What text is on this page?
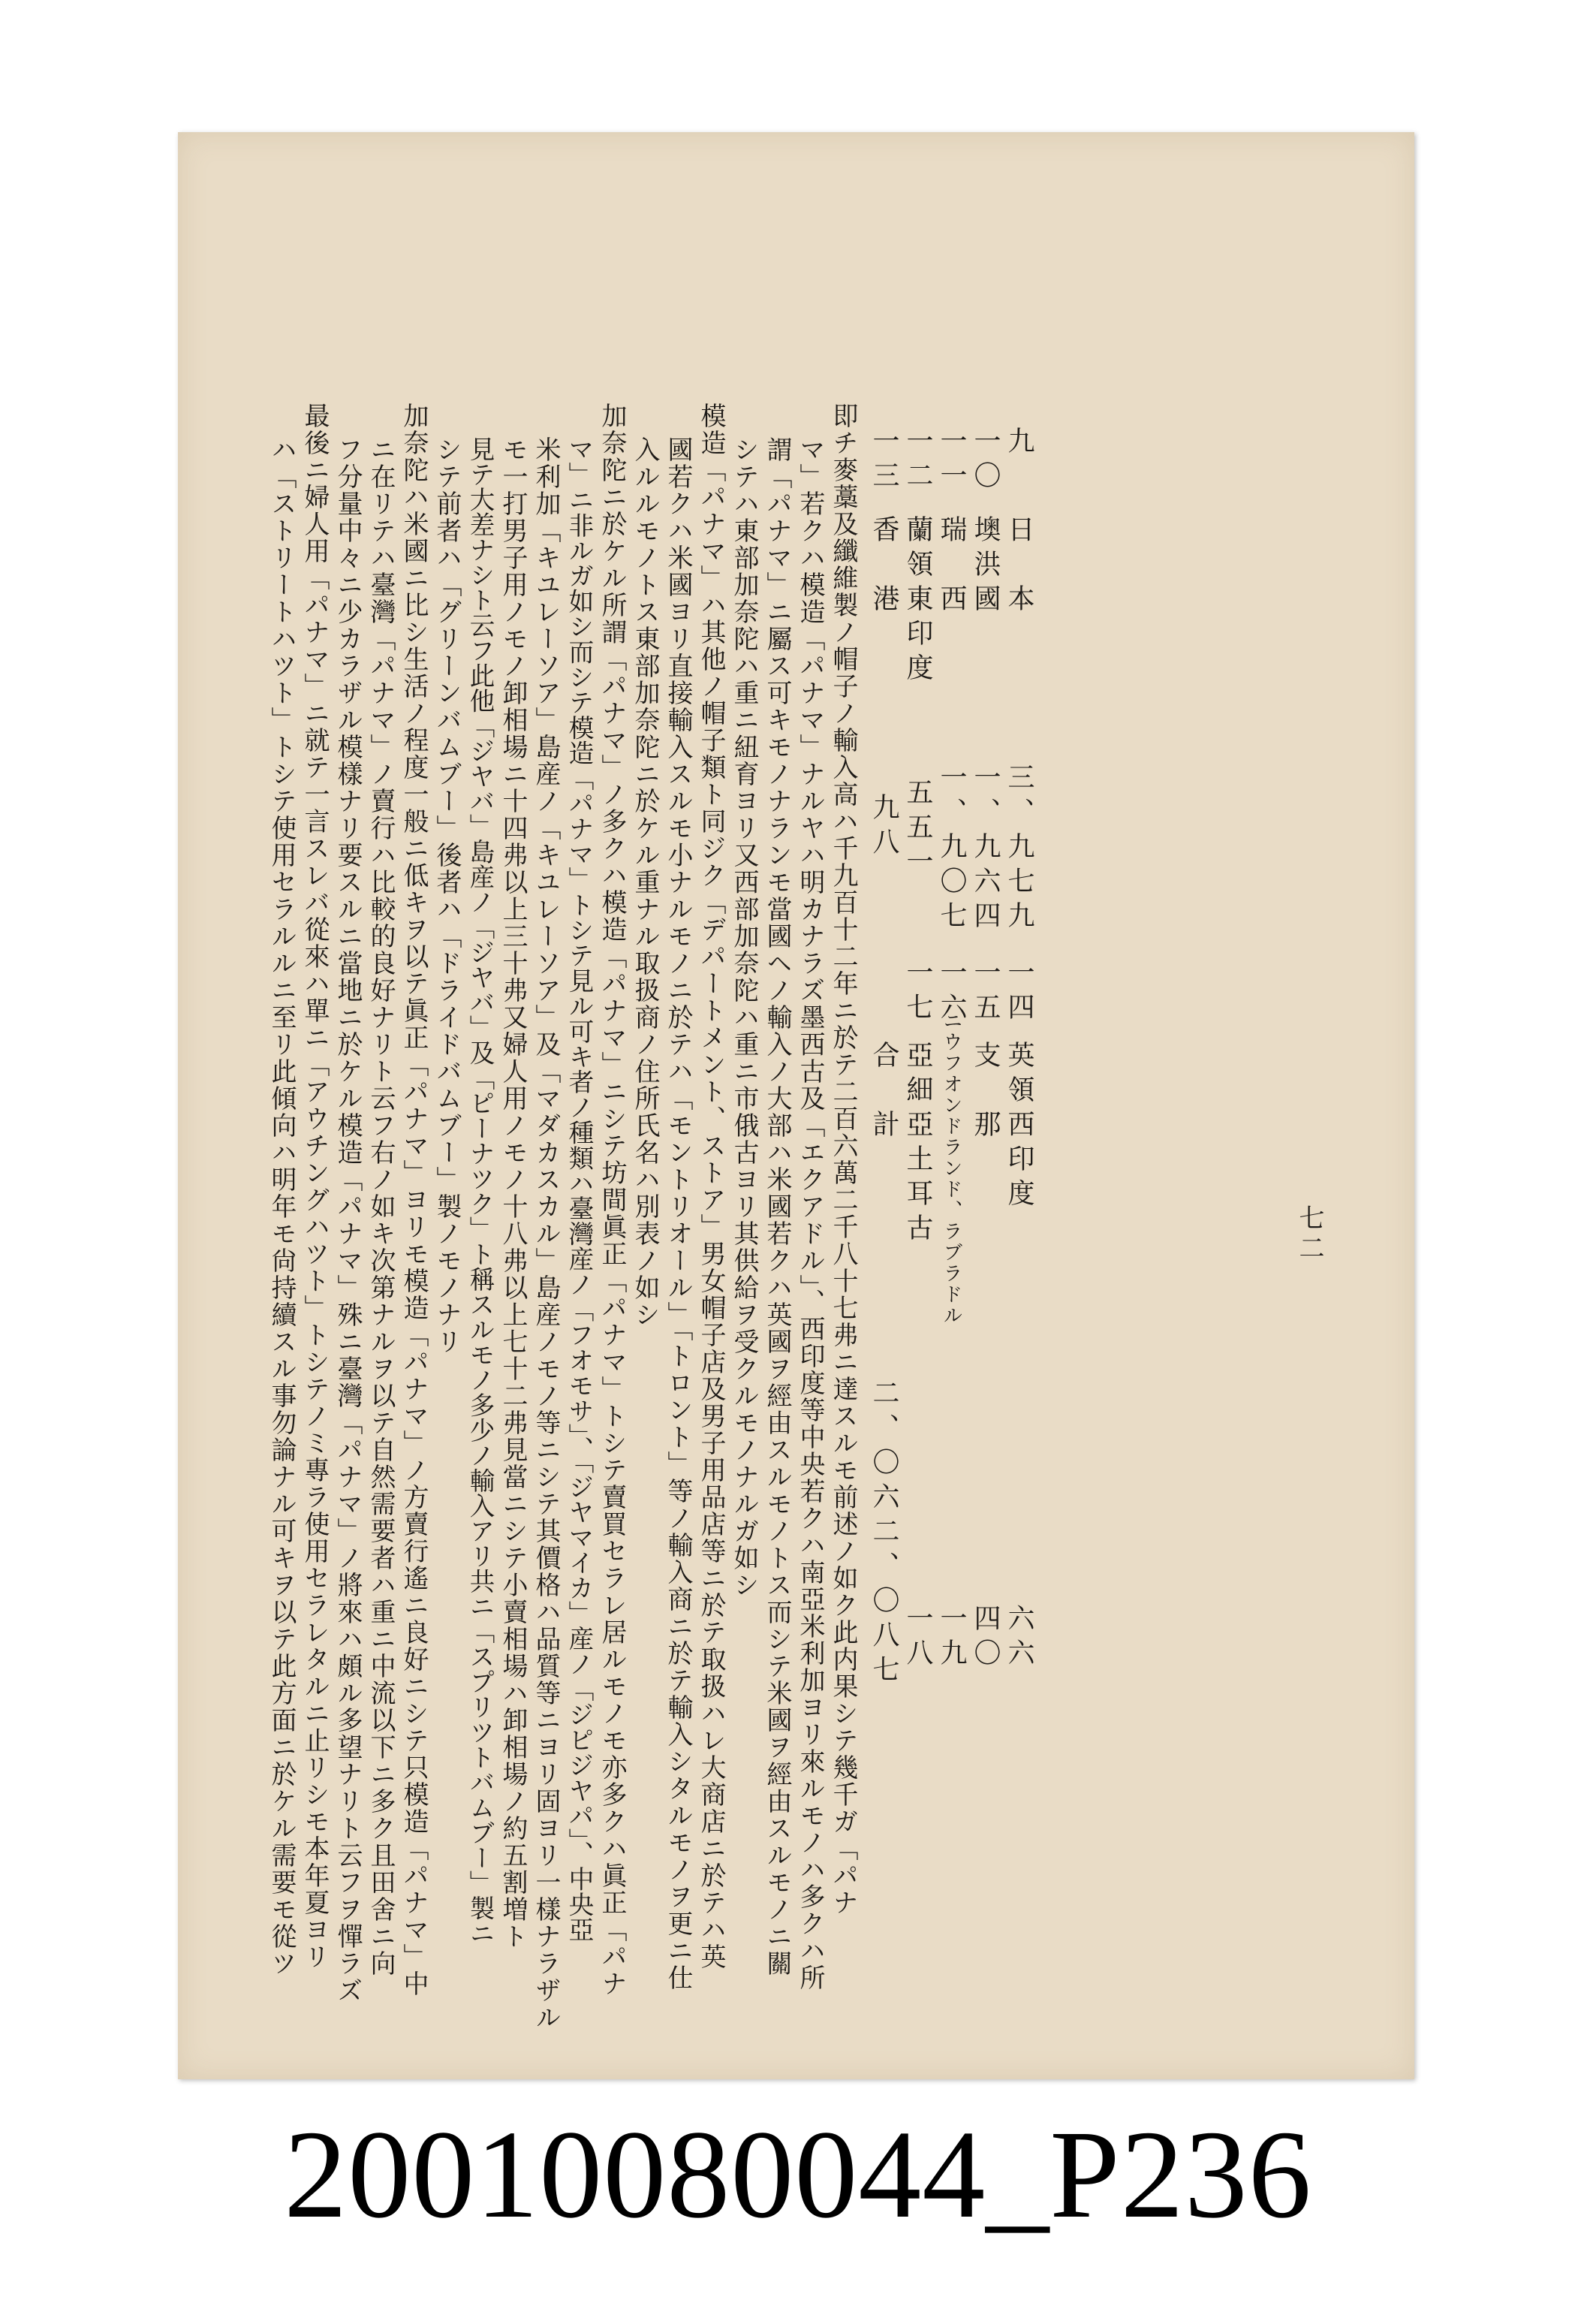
七二
九
一〇
一一
一二
一三
日　本
墺洪國
瑞　西
蘭領東印度
香　港
三、九七九
一、九六四
一、九〇七
五五一
九八
一四
一五
一六
一七
英領西印度
支　那
ニウフオンドランド、ラブラドル
亞細亞土耳古
合　計
六六
四〇
一九
一八
二、〇六二、〇八七
即チ麥藁及纖維製ノ帽子ノ輸入高ハ千九百十二年ニ於テ二百六萬二千八十七弗ニ達スルモ前述ノ如ク此内果シテ幾千ガ「パナ
マ」若クハ模造「パナマ」ナルヤハ明カナラズ墨西古及「エクアドル」、西印度等中央若クハ南亞米利加ヨリ來ルモノハ多クハ所
謂「パナマ」ニ屬ス可キモノナランモ當國ヘノ輸入ノ大部ハ米國若クハ英國ヲ經由スルモノトス而シテ米國ヲ經由スルモノニ關
シテハ東部加奈陀ハ重ニ紐育ヨリ又西部加奈陀ハ重ニ市俄古ヨリ其供給ヲ受クルモノナルガ如シ
模造「パナマ」ハ其他ノ帽子類ト同ジク「デパートメント、ストア」男女帽子店及男子用品店等ニ於テ取扱ハレ大商店ニ於テハ英
國若クハ米國ヨリ直接輸入スルモ小ナルモノニ於テハ「モントリオール」「トロント」等ノ輸入商ニ於テ輸入シタルモノヲ更ニ仕
入ルルモノトス東部加奈陀ニ於ケル重ナル取扱商ノ住所氏名ハ別表ノ如シ
加奈陀ニ於ケル所謂「パナマ」ノ多クハ模造「パナマ」ニシテ坊間眞正「パナマ」トシテ賣買セラレ居ルモノモ亦多クハ眞正「パナ
マ」ニ非ルガ如シ而シテ模造「パナマ」トシテ見ル可キ者ノ種類ハ臺灣産ノ「フオモサ」、「ジヤマイカ」産ノ「ジピジヤパ」、中央亞
米利加「キユレーソア」島産ノ「キユレーソア」及「マダカスカル」島産ノモノ等ニシテ其價格ハ品質等ニヨリ固ヨリ一樣ナラザル
モ一打男子用ノモノ卸相場ニ十四弗以上三十弗又婦人用ノモノ十八弗以上七十二弗見當ニシテ小賣相場ハ卸相場ノ約五割増ト
見テ大差ナシト云フ此他「ジヤバ」島産ノ「ジヤバ」及「ピーナツク」ト稱スルモノ多少ノ輸入アリ共ニ「スプリツトバムブー」製ニ
シテ前者ハ「グリーンバムブー」後者ハ「ドライドバムブー」製ノモノナリ
加奈陀ハ米國ニ比シ生活ノ程度一般ニ低キヲ以テ眞正「パナマ」ヨリモ模造「パナマ」ノ方賣行遙ニ良好ニシテ只模造「パナマ」中
ニ在リテハ臺灣「パナマ」ノ賣行ハ比較的良好ナリト云フ右ノ如キ次第ナルヲ以テ自然需要者ハ重ニ中流以下ニ多ク且田舍ニ向
フ分量中々ニ少カラザル模樣ナリ要スルニ當地ニ於ケル模造「パナマ」殊ニ臺灣「パナマ」ノ將來ハ頗ル多望ナリト云フヲ憚ラズ
最後ニ婦人用「パナマ」ニ就テ一言スレバ從來ハ單ニ「アウチングハツト」トシテノミ專ラ使用セラレタルニ止リシモ本年夏ヨリ
ハ「ストリートハツト」トシテ使用セラルルニ至リ此傾向ハ明年モ尙持續スル事勿論ナル可キヲ以テ此方面ニ於ケル需要モ從ツ
20010080044_P236
